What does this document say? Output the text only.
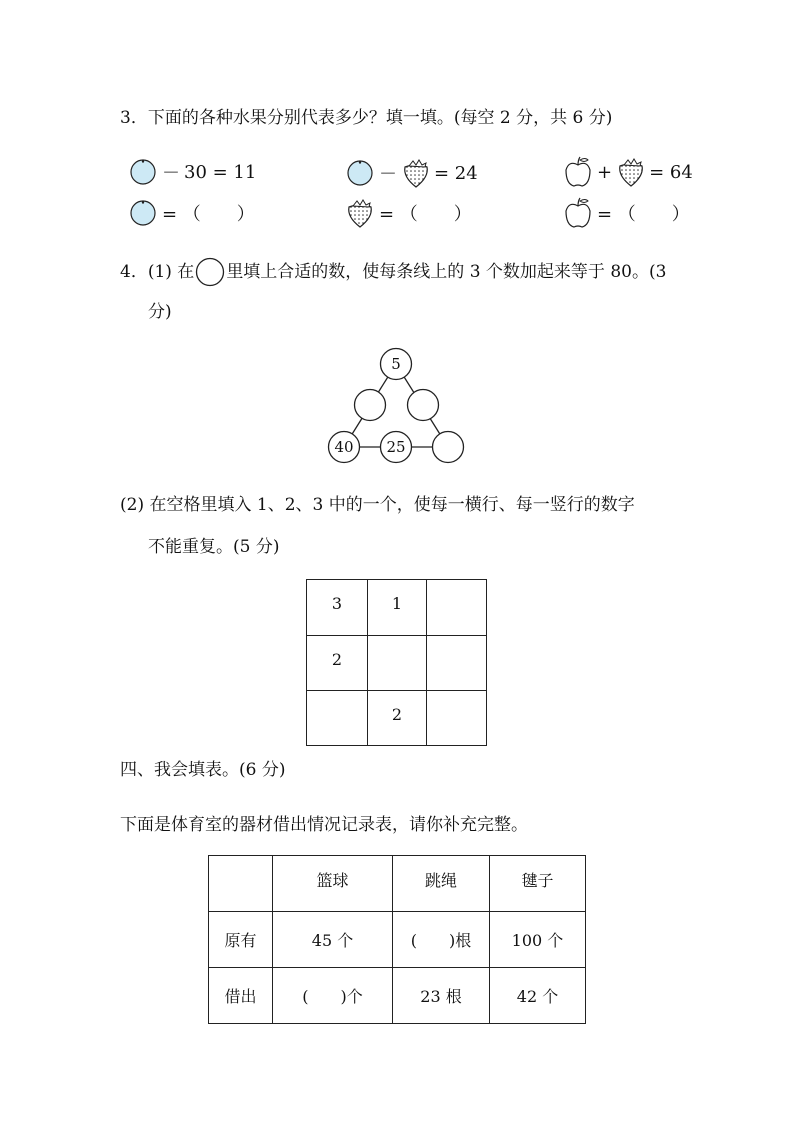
3．下面的各种水果分别代表多少？填一填。(每空 2 分，共 6 分)
－ 30 = 11	－ = 24	+ = 64
= （　　）	= （　　）	= （　　）
4．(1) 在 里填上合适的数，使每条线上的 3 个数加起来等于 80。(3
分)
5
40 25
(2) 在空格里填入 1、2、3 中的一个，使每一横行、每一竖行的数字
不能重复。(5 分)
3	1	
2		
	2	
四、我会填表。(6 分)
下面是体育室的器材借出情况记录表，请你补充完整。
	篮球	跳绳	毽子
原有	45 个	(　　)根	100 个
借出	(　　)个	23 根	42 个
